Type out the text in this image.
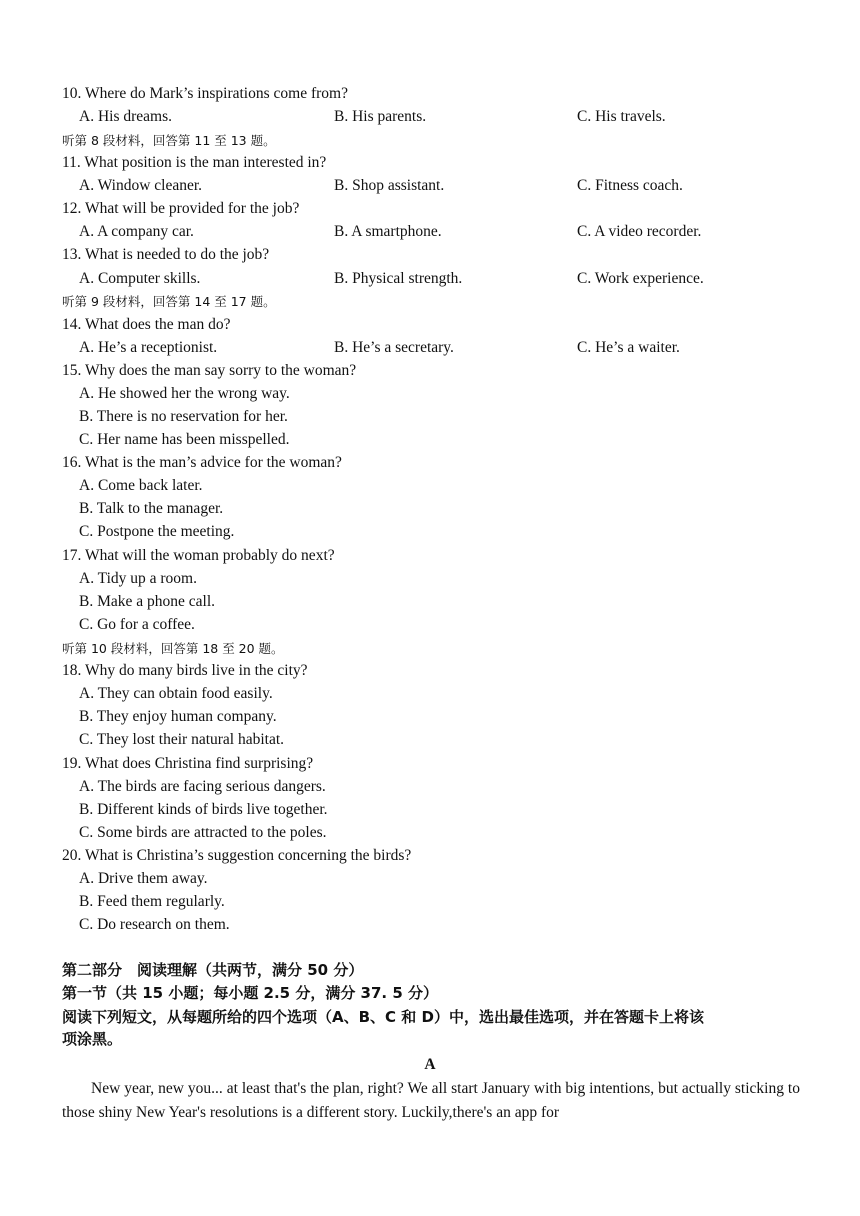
10. Where do Mark’s inspirations come from?
A. His dreams.	B. His parents.	C. His travels.
听第 8 段材料，回答第 11 至 13 题。
11. What position is the man interested in?
A. Window cleaner.	B. Shop assistant.	C. Fitness coach.
12. What will be provided for the job?
A. A company car.	B. A smartphone.	C. A video recorder.
13. What is needed to do the job?
A. Computer skills.	B. Physical strength.	C. Work experience.
听第 9 段材料，回答第 14 至 17 题。
14. What does the man do?
A. He’s a receptionist.	B. He’s a secretary.	C. He’s a waiter.
15. Why does the man say sorry to the woman?
A. He showed her the wrong way.
B. There is no reservation for her.
C. Her name has been misspelled.
16. What is the man’s advice for the woman?
A. Come back later.
B. Talk to the manager.
C. Postpone the meeting.
17. What will the woman probably do next?
A. Tidy up a room.
B. Make a phone call.
C. Go for a coffee.
听第 10 段材料，回答第 18 至 20 题。
18. Why do many birds live in the city?
A. They can obtain food easily.
B. They enjoy human company.
C. They lost their natural habitat.
19. What does Christina find surprising?
A. The birds are facing serious dangers.
B. Different kinds of birds live together.
C. Some birds are attracted to the poles.
20. What is Christina’s suggestion concerning the birds?
A. Drive them away.
B. Feed them regularly.
C. Do research on them.
第二部分　阅读理解（共两节，满分 50 分）
第一节（共 15 小题；每小题 2.5 分，满分 37. 5 分）
阅读下列短文，从每题所给的四个选项（A、B、C 和 D）中，选出最佳选项，并在答题卡上将该
项涂黑。
A
New year, new you... at least that's the plan, right? We all start January with big intentions, but actually sticking to those shiny New Year's resolutions is a different story. Luckily,there's an app for
